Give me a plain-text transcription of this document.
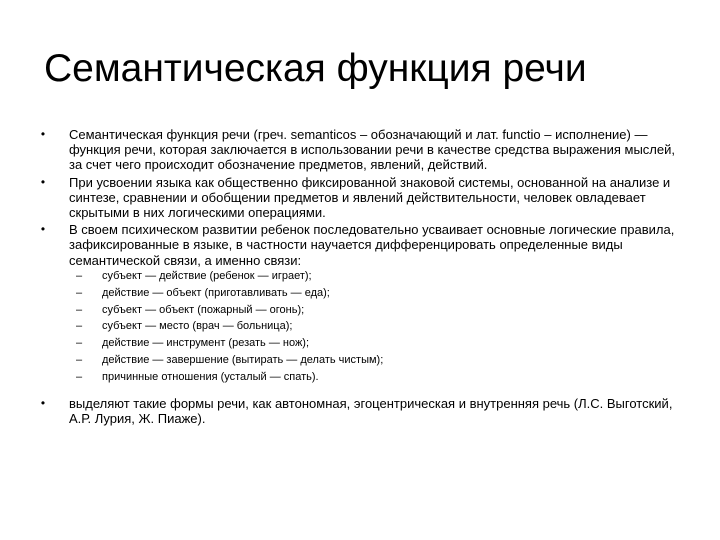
Семантическая функция речи
•	Семантическая функция речи (греч. semanticos – обозначающий и лат. functio – исполнение) — функция речи, которая заключается в использовании речи в качестве средства выражения мыслей, за счет чего происходит обозначение предметов, явлений, действий.
•	При усвоении языка как общественно фиксированной знаковой системы, основанной на анализе и синтезе, сравнении и обобщении предметов и явлений действительности, человек овладевает скрытыми в них логическими операциями.
•	В своем психическом развитии ребенок последовательно усваивает основные логические правила, зафиксированные в языке, в частности научается дифференцировать определенные виды семантической связи, а именно связи:
– субъект — действие (ребенок — играет);
– действие — объект (приготавливать — еда);
– субъект — объект (пожарный — огонь);
– субъект — место (врач — больница);
– действие — инструмент (резать — нож);
– действие — завершение (вытирать — делать чистым);
– причинные отношения (усталый — спать).
•	выделяют такие формы речи, как автономная, эгоцентрическая и внутренняя речь (Л.С. Выготский, А.Р. Лурия, Ж. Пиаже).
